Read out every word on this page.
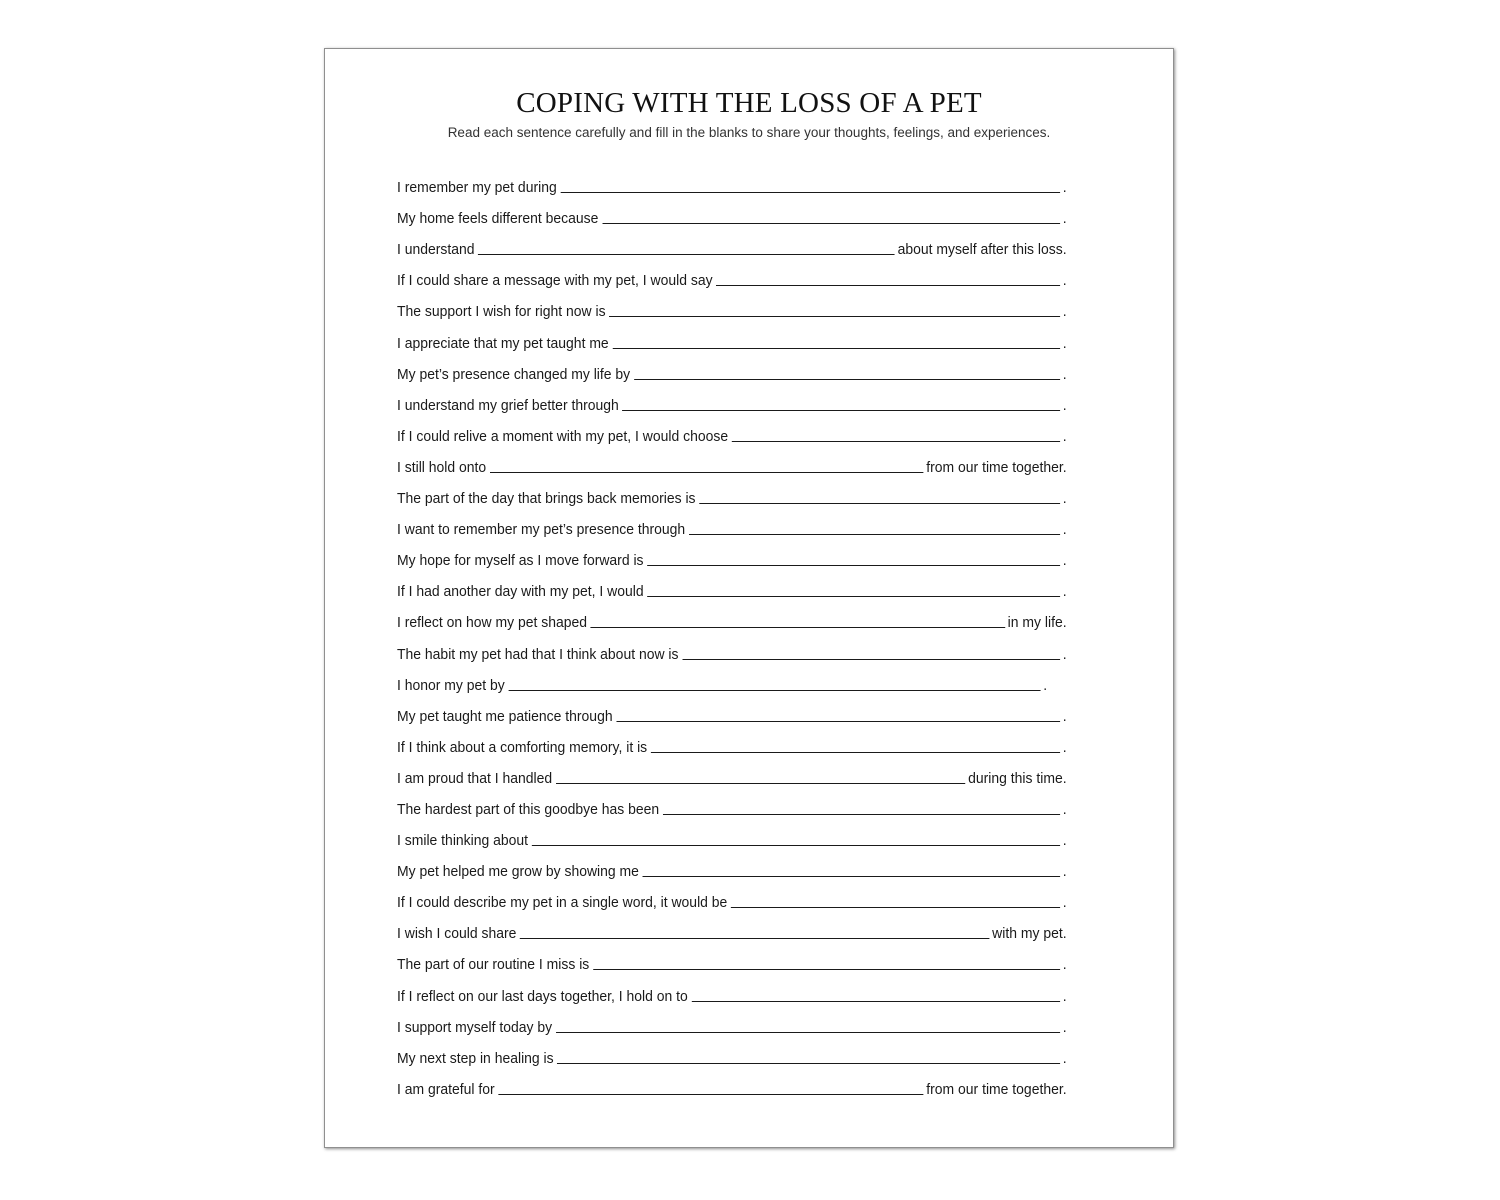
COPING WITH THE LOSS OF A PET

Read each sentence carefully and fill in the blanks to share your thoughts, feelings, and experiences.

I remember my pet during	.
My home feels different because	.
I understand	about myself after this loss.
If I could share a message with my pet, I would say	.
The support I wish for right now is	.
I appreciate that my pet taught me	.
My pet’s presence changed my life by	.
I understand my grief better through	.
If I could relive a moment with my pet, I would choose	.
I still hold onto	from our time together.
The part of the day that brings back memories is	.
I want to remember my pet’s presence through	.
My hope for myself as I move forward is	.
If I had another day with my pet, I would	.
I reflect on how my pet shaped	in my life.
The habit my pet had that I think about now is	.
I honor my pet by	.
My pet taught me patience through	.
If I think about a comforting memory, it is	.
I am proud that I handled	during this time.
The hardest part of this goodbye has been	.
I smile thinking about	.
My pet helped me grow by showing me	.
If I could describe my pet in a single word, it would be	.
I wish I could share	with my pet.
The part of our routine I miss is	.
If I reflect on our last days together, I hold on to	.
I support myself today by	.
My next step in healing is	.
I am grateful for	from our time together.
